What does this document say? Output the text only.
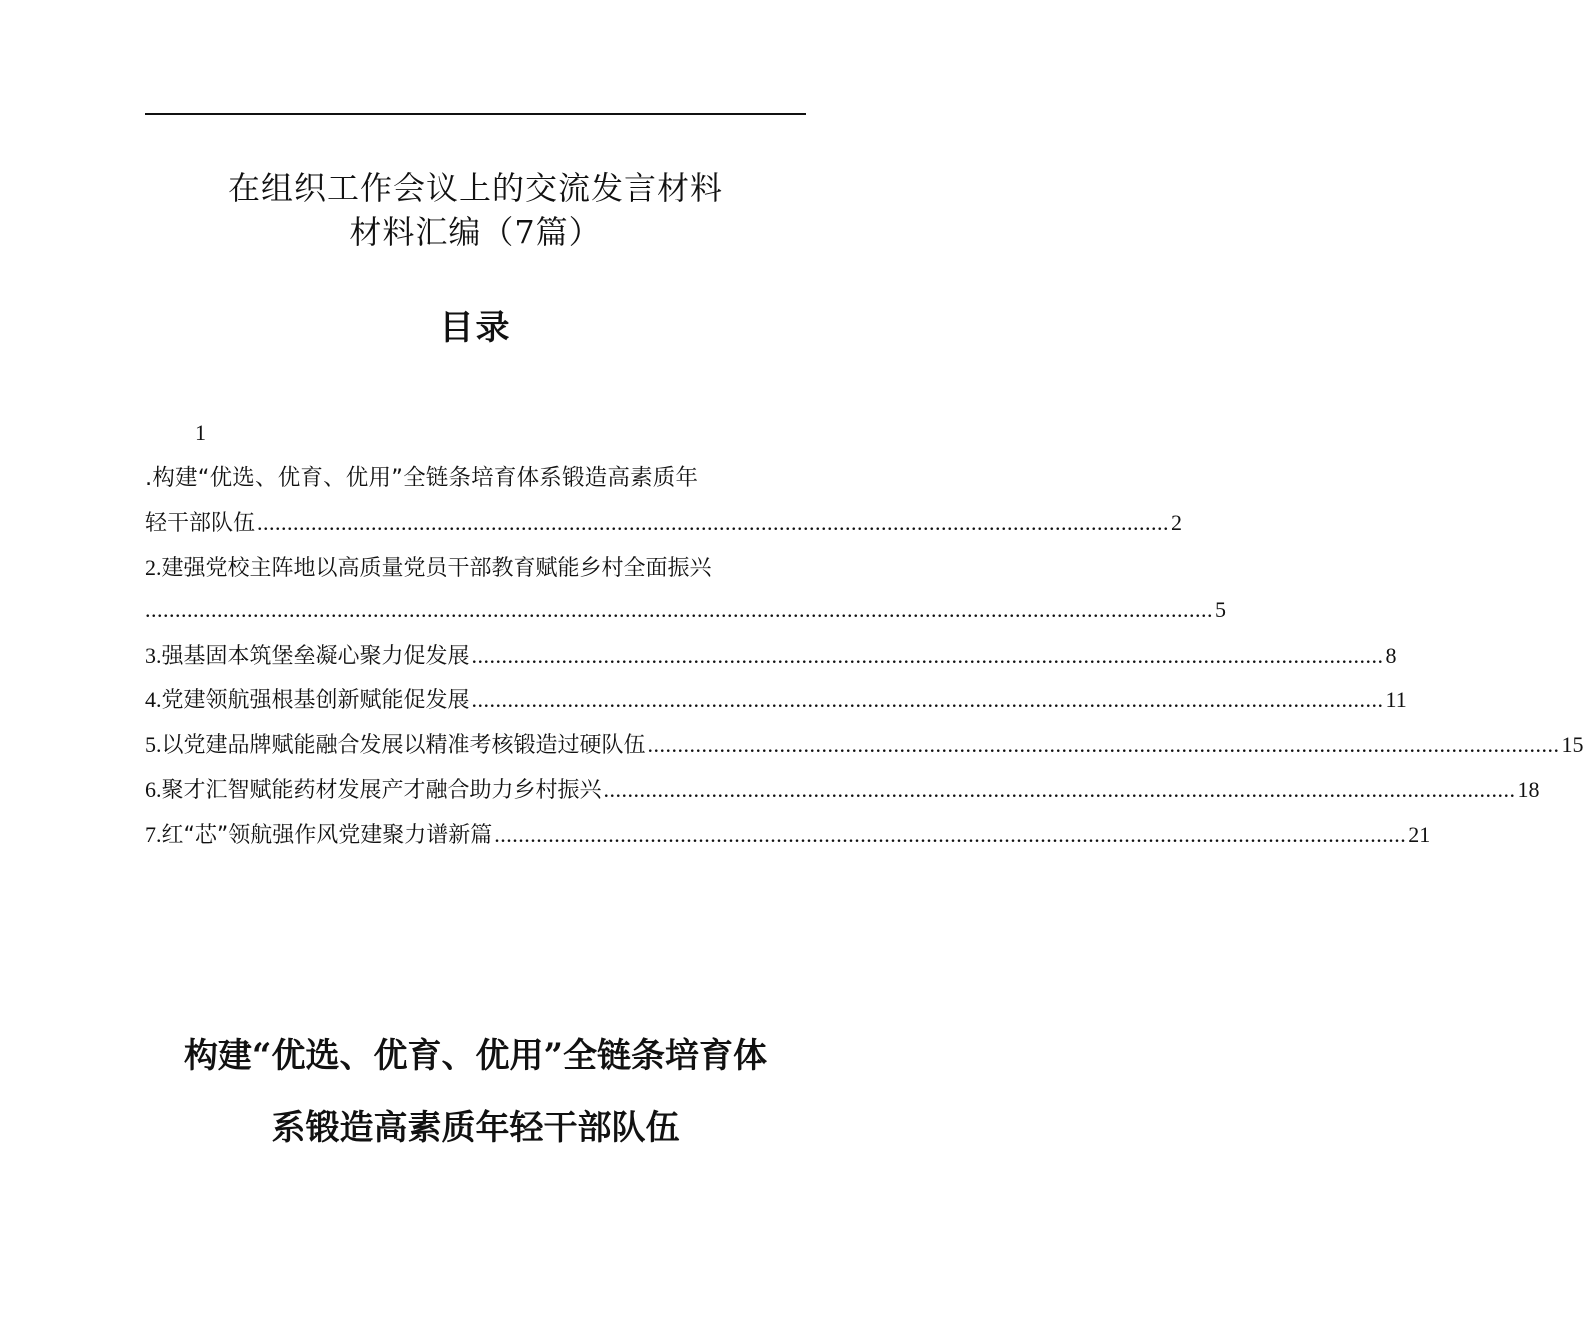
在组织工作会议上的交流发言材料
材料汇编（7篇）
目录
1
.构建“优选、优育、优用”全链条培育体系锻造高素质年
轻干部队伍 ........................................................................................................................................................ 2
2. 建强党校主阵地以高质量党员干部教育赋能乡村全面振兴
.................................................................................................................................................................................. 5
3. 强基固本筑堡垒凝心聚力促发展 ........................................................................................................................................................ 8
4. 党建领航强根基创新赋能促发展 ........................................................................................................................................................ 11
5. 以党建品牌赋能融合发展以精准考核锻造过硬队伍 ........................................................................................................................................................ 15
6. 聚才汇智赋能药材发展产才融合助力乡村振兴 ........................................................................................................................................................ 18
7. 红“芯”领航强作风党建聚力谱新篇 ........................................................................................................................................................ 21
构建“优选、优育、优用”全链条培育体
系锻造高素质年轻干部队伍
